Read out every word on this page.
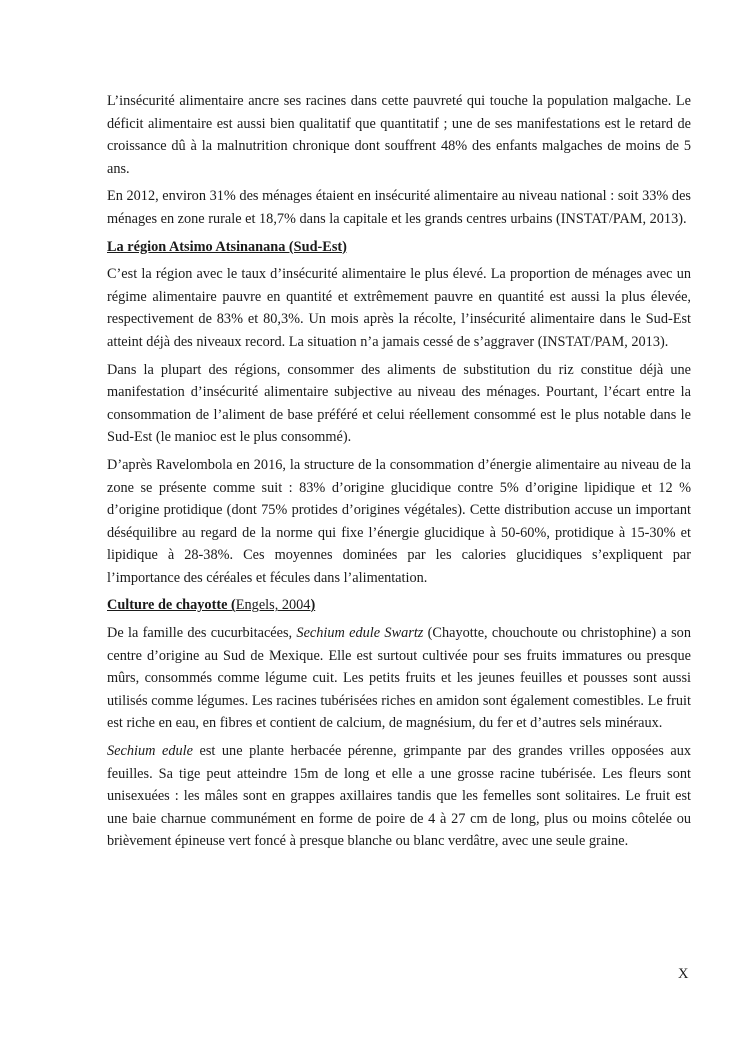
L’insécurité alimentaire ancre ses racines dans cette pauvreté qui touche la population malgache. Le déficit alimentaire est aussi bien qualitatif que quantitatif ; une de ses manifestations est le retard de croissance dû à la malnutrition chronique dont souffrent 48% des enfants malgaches de moins de 5 ans.

En 2012, environ 31% des ménages étaient en insécurité alimentaire au niveau national : soit 33% des ménages en zone rurale et 18,7% dans la capitale et les grands centres urbains (INSTAT/PAM, 2013).

La région Atsimo Atsinanana (Sud-Est)

C’est la région avec le taux d’insécurité alimentaire le plus élevé. La proportion de ménages avec un régime alimentaire pauvre en quantité et extrêmement pauvre en quantité est aussi la plus élevée, respectivement de 83% et 80,3%. Un mois après la récolte, l’insécurité alimentaire dans le Sud-Est atteint déjà des niveaux record. La situation n’a jamais cessé de s’aggraver (INSTAT/PAM, 2013).

Dans la plupart des régions, consommer des aliments de substitution du riz constitue déjà une manifestation d’insécurité alimentaire subjective au niveau des ménages. Pourtant, l’écart entre la consommation de l’aliment de base préféré et celui réellement consommé est le plus notable dans le Sud-Est (le manioc est le plus consommé).

D’après Ravelombola en 2016, la structure de la consommation d’énergie alimentaire au niveau de la zone se présente comme suit : 83% d’origine glucidique contre 5% d’origine lipidique et 12 % d’origine protidique (dont 75% protides d’origines végétales). Cette distribution accuse un important déséquilibre au regard de la norme qui fixe l’énergie glucidique à 50-60%, protidique à 15-30% et lipidique à 28-38%. Ces moyennes dominées par les calories glucidiques s’expliquent par l’importance des céréales et fécules dans l’alimentation.

Culture de chayotte (Engels, 2004)

De la famille des cucurbitacées, Sechium edule Swartz (Chayotte, chouchoute ou christophine) a son centre d’origine au Sud de Mexique. Elle est surtout cultivée pour ses fruits immatures ou presque mûrs, consommés comme légume cuit. Les petits fruits et les jeunes feuilles et pousses sont aussi utilisés comme légumes. Les racines tubérisées riches en amidon sont également comestibles. Le fruit est riche en eau, en fibres et contient de calcium, de magnésium, du fer et d’autres sels minéraux.

Sechium edule est une plante herbacée pérenne, grimpante par des grandes vrilles opposées aux feuilles. Sa tige peut atteindre 15m de long et elle a une grosse racine tubérisée. Les fleurs sont unisexuées : les mâles sont en grappes axillaires tandis que les femelles sont solitaires. Le fruit est une baie charnue communément en forme de poire de 4 à 27 cm de long, plus ou moins côtelée ou brièvement épineuse vert foncé à presque blanche ou blanc verdâtre, avec une seule graine.

X
